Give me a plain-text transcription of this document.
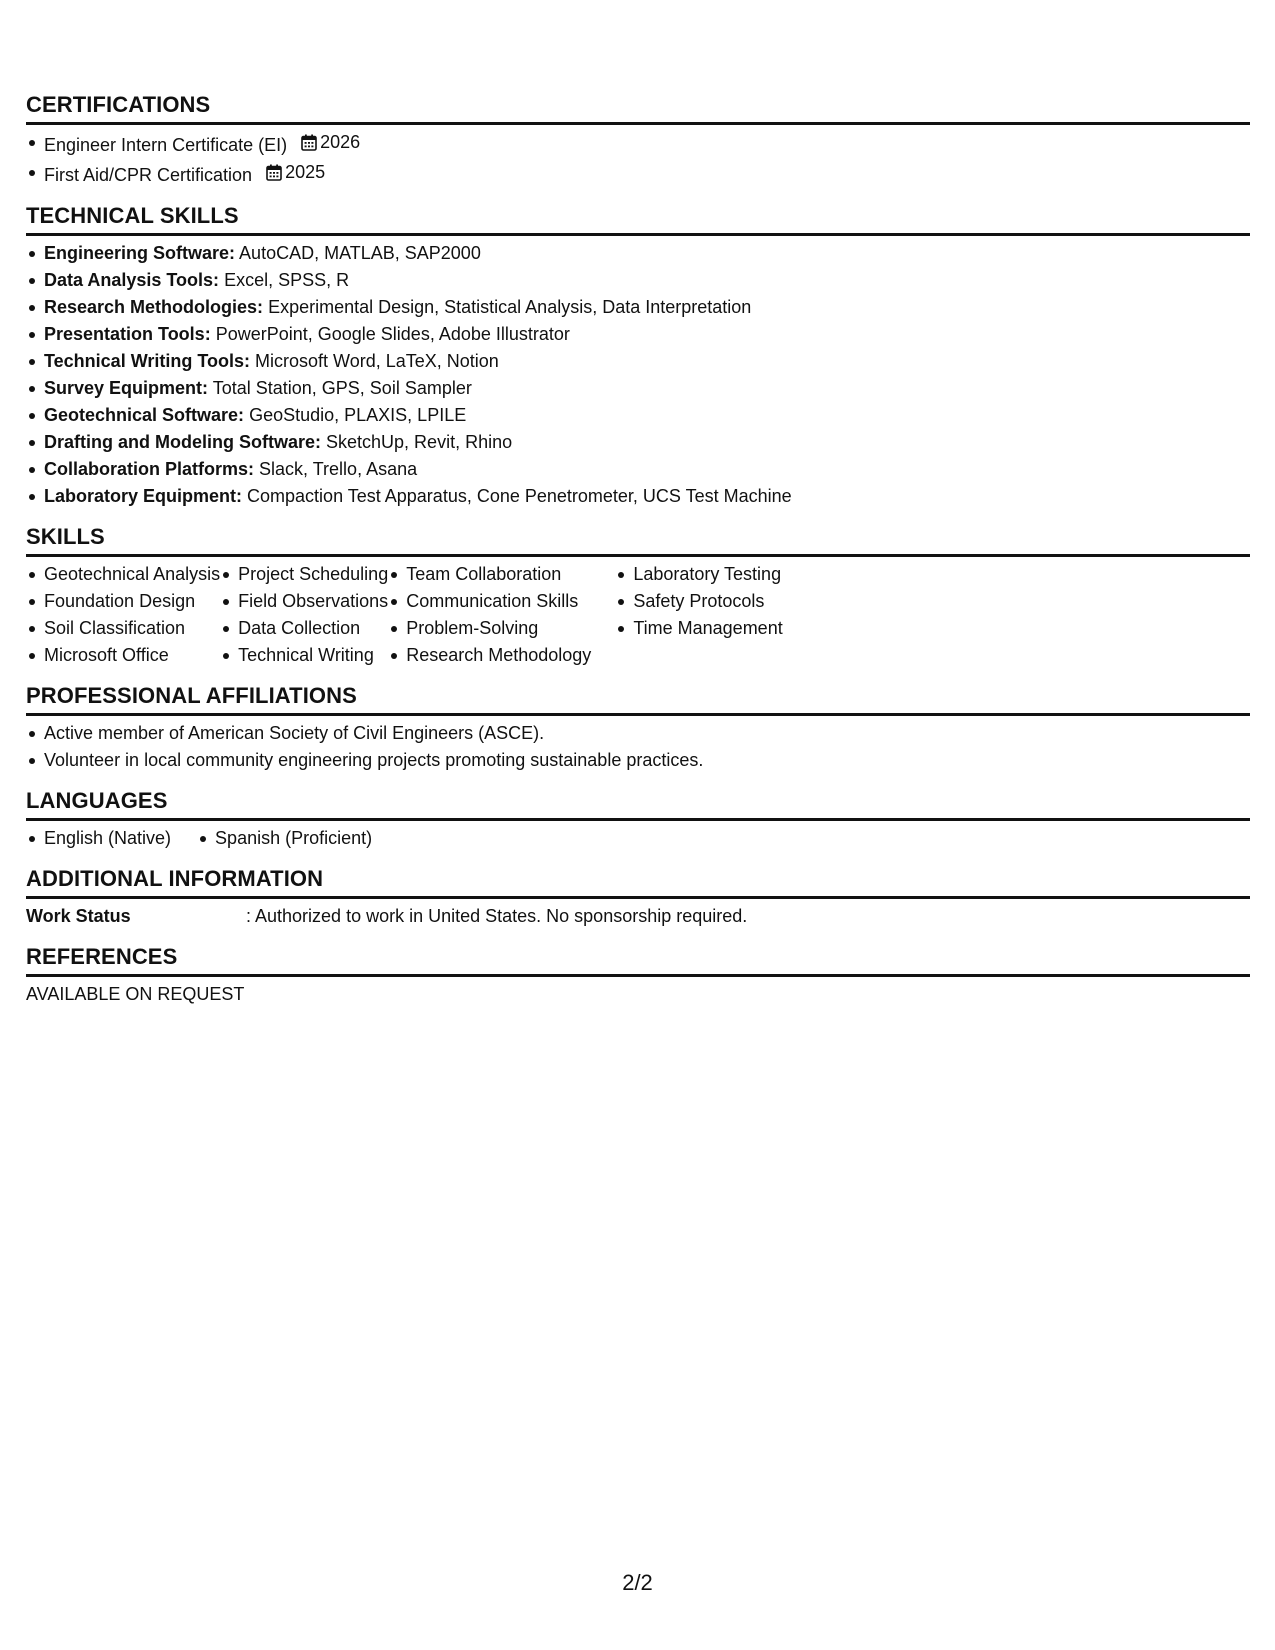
CERTIFICATIONS
Engineer Intern Certificate (EI) 2026
First Aid/CPR Certification 2025
TECHNICAL SKILLS
Engineering Software: AutoCAD, MATLAB, SAP2000
Data Analysis Tools: Excel, SPSS, R
Research Methodologies: Experimental Design, Statistical Analysis, Data Interpretation
Presentation Tools: PowerPoint, Google Slides, Adobe Illustrator
Technical Writing Tools: Microsoft Word, LaTeX, Notion
Survey Equipment: Total Station, GPS, Soil Sampler
Geotechnical Software: GeoStudio, PLAXIS, LPILE
Drafting and Modeling Software: SketchUp, Revit, Rhino
Collaboration Platforms: Slack, Trello, Asana
Laboratory Equipment: Compaction Test Apparatus, Cone Penetrometer, UCS Test Machine
SKILLS
Geotechnical Analysis
Foundation Design
Soil Classification
Microsoft Office
Project Scheduling
Field Observations
Data Collection
Technical Writing
Team Collaboration
Communication Skills
Problem-Solving
Research Methodology
Laboratory Testing
Safety Protocols
Time Management
PROFESSIONAL AFFILIATIONS
Active member of American Society of Civil Engineers (ASCE).
Volunteer in local community engineering projects promoting sustainable practices.
LANGUAGES
English (Native)	Spanish (Proficient)
ADDITIONAL INFORMATION
Work Status	: Authorized to work in United States. No sponsorship required.
REFERENCES
AVAILABLE ON REQUEST
2/2
